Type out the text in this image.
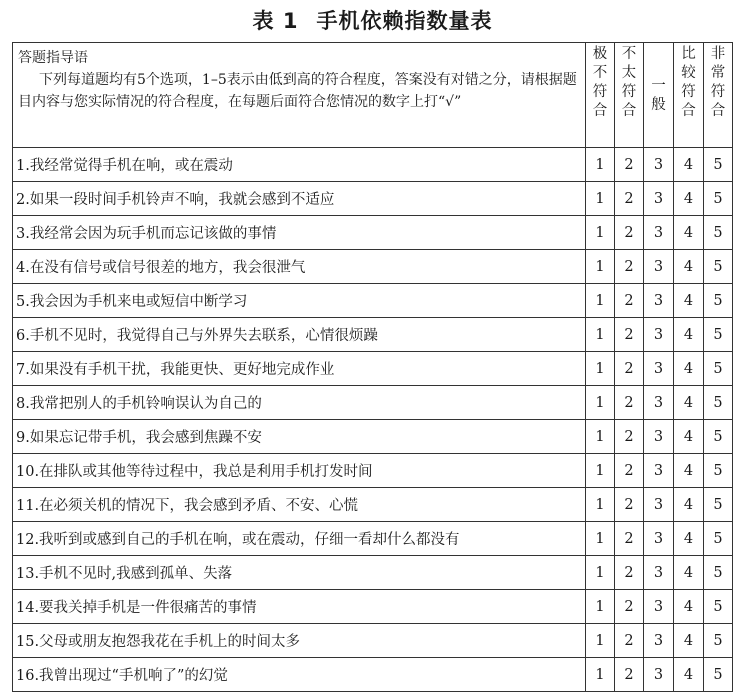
表 1 手机依赖指数量表
答题指导语
下列每道题均有5个选项，1–5表示由低到高的符合程度，答案没有对错之分，请根据题目内容与您实际情况的符合程度，在每题后面符合您情况的数字上打“√”	极
不
符
合	不
太
符
合	一
般	比
较
符
合	非
常
符
合
1.我经常觉得手机在响，或在震动	1	2	3	4	5
2.如果一段时间手机铃声不响，我就会感到不适应	1	2	3	4	5
3.我经常会因为玩手机而忘记该做的事情	1	2	3	4	5
4.在没有信号或信号很差的地方，我会很泄气	1	2	3	4	5
5.我会因为手机来电或短信中断学习	1	2	3	4	5
6.手机不见时，我觉得自己与外界失去联系，心情很烦躁	1	2	3	4	5
7.如果没有手机干扰，我能更快、更好地完成作业	1	2	3	4	5
8.我常把别人的手机铃响误认为自己的	1	2	3	4	5
9.如果忘记带手机，我会感到焦躁不安	1	2	3	4	5
10.在排队或其他等待过程中，我总是利用手机打发时间	1	2	3	4	5
11.在必须关机的情况下，我会感到矛盾、不安、心慌	1	2	3	4	5
12.我听到或感到自己的手机在响，或在震动，仔细一看却什么都没有	1	2	3	4	5
13.手机不见时,我感到孤单、失落	1	2	3	4	5
14.要我关掉手机是一件很痛苦的事情	1	2	3	4	5
15.父母或朋友抱怨我花在手机上的时间太多	1	2	3	4	5
16.我曾出现过“手机响了”的幻觉	1	2	3	4	5
